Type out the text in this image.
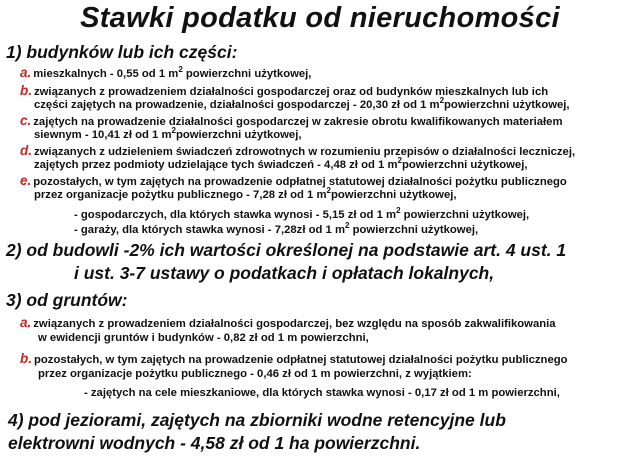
Stawki podatku od nieruchomości
1) budynków lub ich części:
a. mieszkalnych - 0,55 od 1 $m^2$ powierzchni użytkowej,
b. związanych z prowadzeniem działalności gospodarczej oraz od budynków mieszkalnych lub ich
części zajętych na prowadzenie, działalności gospodarczej - 20,30 zł od 1 $m^2powierzchni$ użytkowej,
c. zajętych na prowadzenie działalności gospodarczej w zakresie obrotu kwalifikowanych materiałem
siewnym - 10,41 zł od 1 $m^2powierzchni$ użytkowej,
d. związanych z udzieleniem świadczeń zdrowotnych w rozumieniu przepisów o działalności leczniczej,
zajętych przez podmioty udzielające tych świadczeń - 4,48 zł od 1 $m^2powierzchni$ użytkowej,
e. pozostałych, w tym zajętych na prowadzenie odpłatnej statutowej działalności pożytku publicznego
przez organizacje pożytku publicznego - 7,28 zł od 1 $m^2powierzchni$ użytkowej,
- gospodarczych, dla których stawka wynosi - 5,15 zł od 1 $m^2$ powierzchni użytkowej,
- garaży, dla których stawka wynosi - 7,28zł od 1 $m^2$ powierzchni użytkowej,
2) od budowli -2% ich wartości określonej na podstawie art. 4 ust. 1
i ust. 3-7 ustawy o podatkach i opłatach lokalnych,
3) od gruntów:
a. związanych z prowadzeniem działalności gospodarczej, bez względu na sposób zakwalifikowania
w ewidencji gruntów i budynków - 0,82 zł od 1 m powierzchni,
b. pozostałych, w tym zajętych na prowadzenie odpłatnej statutowej działalności pożytku publicznego
przez organizacje pożytku publicznego - 0,46 zł od 1 m powierzchni, z wyjątkiem:
- zajętych na cele mieszkaniowe, dla których stawka wynosi - 0,17 zł od 1 m powierzchni,
4) pod jeziorami, zajętych na zbiorniki wodne retencyjne lub
elektrowni wodnych - 4,58 zł od 1 ha powierzchni.
